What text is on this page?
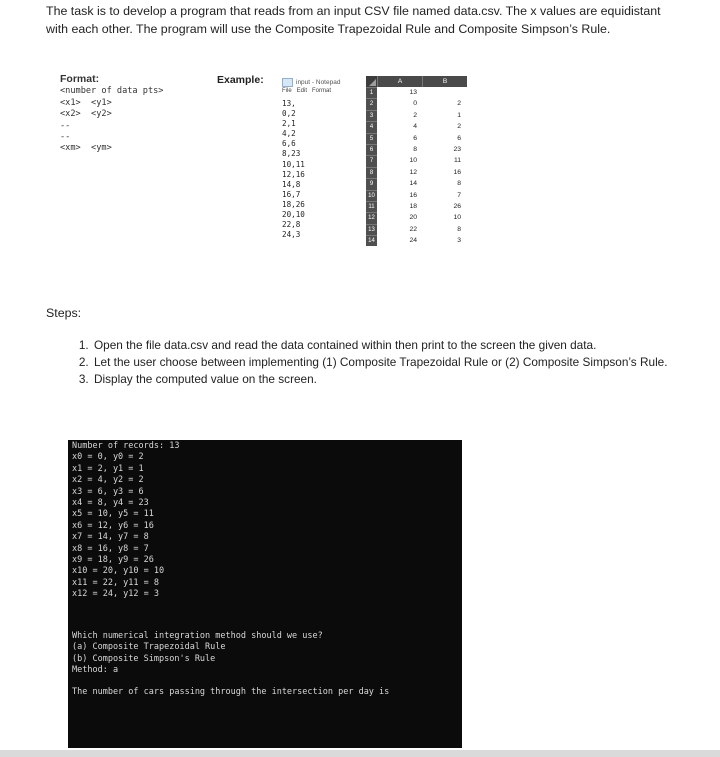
The task is to develop a program that reads from an input CSV file named data.csv. The x values are equidistant with each other. The program will use the Composite Trapezoidal Rule and Composite Simpson’s Rule.

Format:
<number of data pts>
<x1>  <y1>
<x2>  <y2>
--
--
<xm>  <ym>
Example:	input - Notepad
File Edit Format
13,
0,2
2,1
4,2
6,6
8,23
10,11
12,16
14,8
16,7
18,26
20,10
22,8
24,3
A	B
1	13
2	0	2
3	2	1
4	4	2
5	6	6
6	8	23
7	10	11
8	12	16
9	14	8
10	16	7
11	18	26
12	20	10
13	22	8
14	24	3
Steps:
1. Open the file data.csv and read the data contained within then print to the screen the given data.
2. Let the user choose between implementing (1) Composite Trapezoidal Rule or (2) Composite Simpson’s Rule.
3. Display the computed value on the screen.
Number of records: 13
x0 = 0, y0 = 2
x1 = 2, y1 = 1
x2 = 4, y2 = 2
x3 = 6, y3 = 6
x4 = 8, y4 = 23
x5 = 10, y5 = 11
x6 = 12, y6 = 16
x7 = 14, y7 = 8
x8 = 16, y8 = 7
x9 = 18, y9 = 26
x10 = 20, y10 = 10
x11 = 22, y11 = 8
x12 = 24, y12 = 3
Which numerical integration method should we use?
(a) Composite Trapezoidal Rule
(b) Composite Simpson's Rule
Method: a
The number of cars passing through the intersection per day is
